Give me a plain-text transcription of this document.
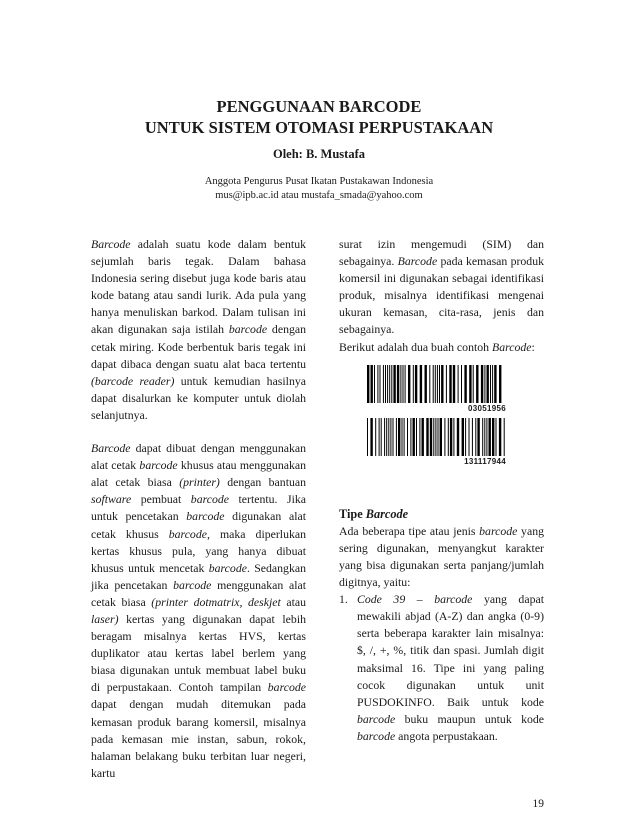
PENGGUNAAN BARCODE
UNTUK SISTEM OTOMASI PERPUSTAKAAN
Oleh: B. Mustafa
Anggota Pengurus Pusat Ikatan Pustakawan Indonesia
mus@ipb.ac.id atau mustafa_smada@yahoo.com

Barcode adalah suatu kode dalam bentuk sejumlah baris tegak. Dalam bahasa Indonesia sering disebut juga kode baris atau kode batang atau sandi lurik. Ada pula yang hanya menuliskan barkod. Dalam tulisan ini akan digunakan saja istilah barcode dengan cetak miring. Kode berbentuk baris tegak ini dapat dibaca dengan suatu alat baca tertentu (barcode reader) untuk kemudian hasilnya dapat disalurkan ke komputer untuk diolah selanjutnya.

Barcode dapat dibuat dengan menggunakan alat cetak barcode khusus atau menggunakan alat cetak biasa (printer) dengan bantuan software pembuat barcode tertentu. Jika untuk pencetakan barcode digunakan alat cetak khusus barcode, maka diperlukan kertas khusus pula, yang hanya dibuat khusus untuk mencetak barcode. Sedangkan jika pencetakan barcode menggunakan alat cetak biasa (printer dotmatrix, deskjet atau laser) kertas yang digunakan dapat lebih beragam misalnya kertas HVS, kertas duplikator atau kertas label berlem yang biasa digunakan untuk membuat label buku di perpustakaan. Contoh tampilan barcode dapat dengan mudah ditemukan pada kemasan produk barang komersil, misalnya pada kemasan mie instan, sabun, rokok, halaman belakang buku terbitan luar negeri, kartu

surat izin mengemudi (SIM) dan sebagainya. Barcode pada kemasan produk komersil ini digunakan sebagai identifikasi produk, misalnya identifikasi mengenai ukuran kemasan, cita-rasa, jenis dan sebagainya.

Berikut adalah dua buah contoh Barcode:

Tipe Barcode

Ada beberapa tipe atau jenis barcode yang sering digunakan, menyangkut karakter yang bisa digunakan serta panjang/jumlah digitnya, yaitu:

1. Code 39 – barcode yang dapat mewakili abjad (A-Z) dan angka (0-9) serta beberapa karakter lain misalnya: $, /, +, %, titik dan spasi. Jumlah digit maksimal 16. Tipe ini yang paling cocok digunakan untuk unit PUSDOKINFO. Baik untuk kode barcode buku maupun untuk kode barcode angota perpustakaan.
03051956
131117944
19
